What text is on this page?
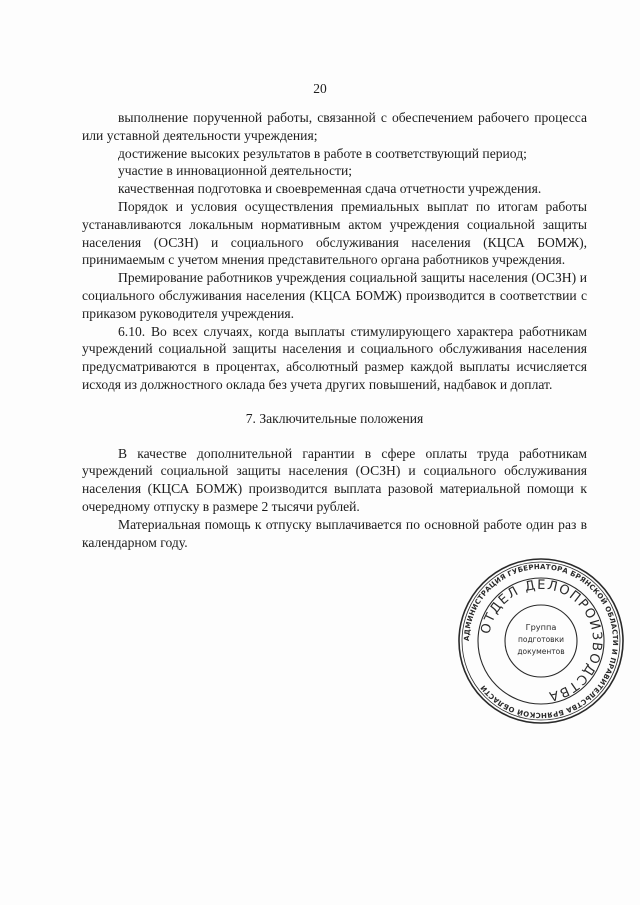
20

выполнение порученной работы, связанной с обеспечением рабочего процесса или уставной деятельности учреждения;

достижение высоких результатов в работе в соответствующий период;

участие в инновационной деятельности;

качественная подготовка и своевременная сдача отчетности учреждения.

Порядок и условия осуществления премиальных выплат по итогам работы устанавливаются локальным нормативным актом учреждения социальной защиты населения (ОСЗН) и социального обслуживания населения (КЦСА БОМЖ), принимаемым с учетом мнения представительного органа работников учреждения.

Премирование работников учреждения социальной защиты населения (ОСЗН) и социального обслуживания населения (КЦСА БОМЖ) производится в соответствии с приказом руководителя учреждения.

6.10. Во всех случаях, когда выплаты стимулирующего характера работникам учреждений социальной защиты населения и социального обслуживания населения предусматриваются в процентах, абсолютный размер каждой выплаты исчисляется исходя из должностного оклада без учета других повышений, надбавок и доплат.

7. Заключительные положения

В качестве дополнительной гарантии в сфере оплаты труда работникам учреждений социальной защиты населения (ОСЗН) и социального обслуживания населения (КЦСА БОМЖ) производится выплата разовой материальной помощи к очередному отпуску в размере 2 тысячи рублей.

Материальная помощь к отпуску выплачивается по основной работе один раз в календарном году.

АДМИНИСТРАЦИЯ ГУБЕРНАТОРА БРЯНСКОЙ ОБЛАСТИ И ПРАВИТЕЛЬСТВА БРЯНСКОЙ ОБЛАСТИ
ОТДЕЛ ДЕЛОПРОИЗВОДСТВА
Группа
подготовки
документов
